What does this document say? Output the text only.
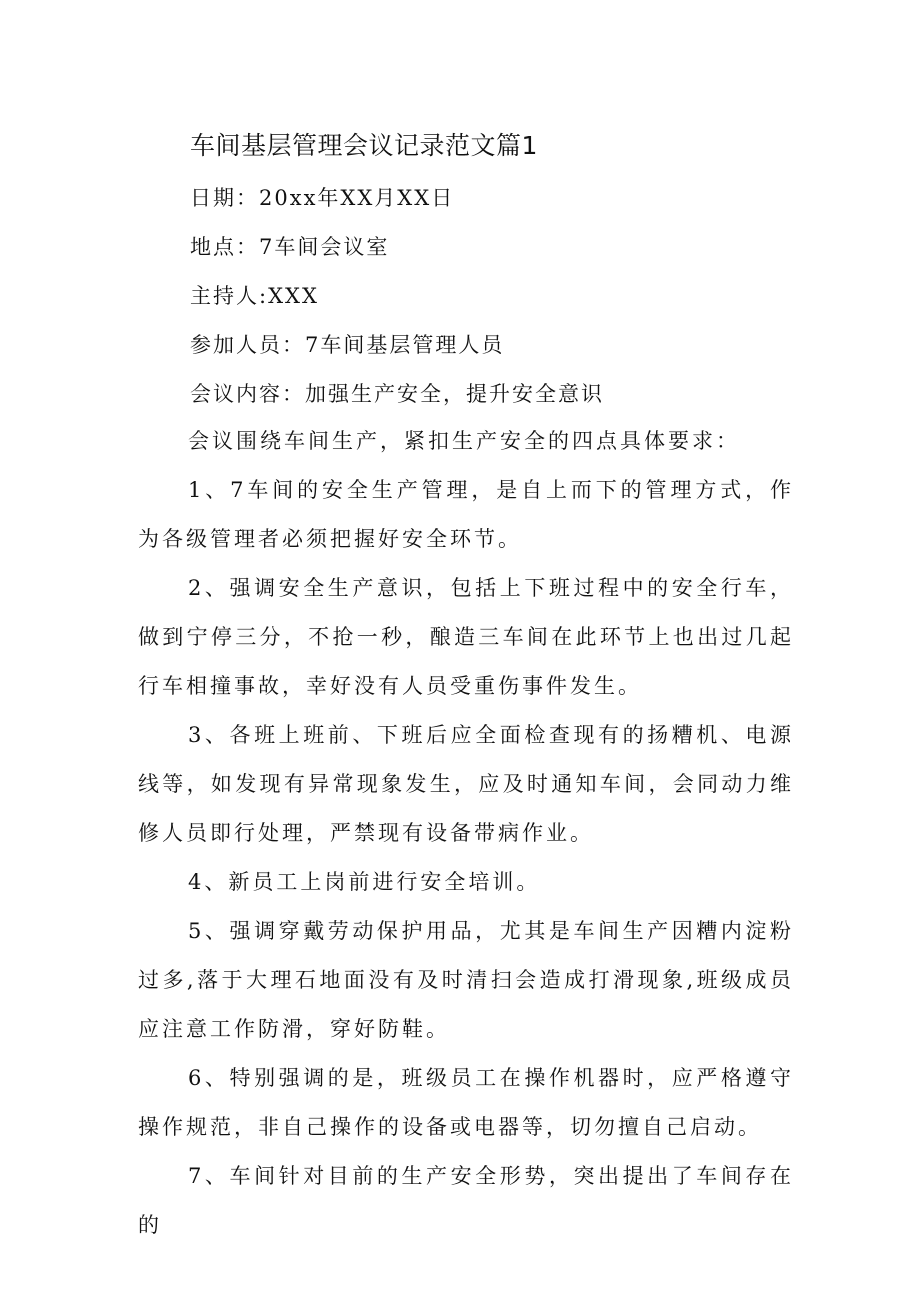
车间基层管理会议记录范文篇1
日期：20xx年XX月XX日
地点：7车间会议室
主持人:XXX
参加人员：7车间基层管理人员
会议内容：加强生产安全，提升安全意识

会议围绕车间生产，紧扣生产安全的四点具体要求：

1、7车间的安全生产管理，是自上而下的管理方式，作为各级管理者必须把握好安全环节。

2、强调安全生产意识，包括上下班过程中的安全行车，做到宁停三分，不抢一秒，酿造三车间在此环节上也出过几起行车相撞事故，幸好没有人员受重伤事件发生。

3、各班上班前、下班后应全面检查现有的扬糟机、电源线等，如发现有异常现象发生，应及时通知车间，会同动力维修人员即行处理，严禁现有设备带病作业。

4、新员工上岗前进行安全培训。

5、强调穿戴劳动保护用品，尤其是车间生产因糟内淀粉过多,落于大理石地面没有及时清扫会造成打滑现象,班级成员应注意工作防滑，穿好防鞋。

6、特别强调的是，班级员工在操作机器时，应严格遵守操作规范，非自己操作的设备或电器等，切勿擅自己启动。

7、车间针对目前的生产安全形势，突出提出了车间存在的
